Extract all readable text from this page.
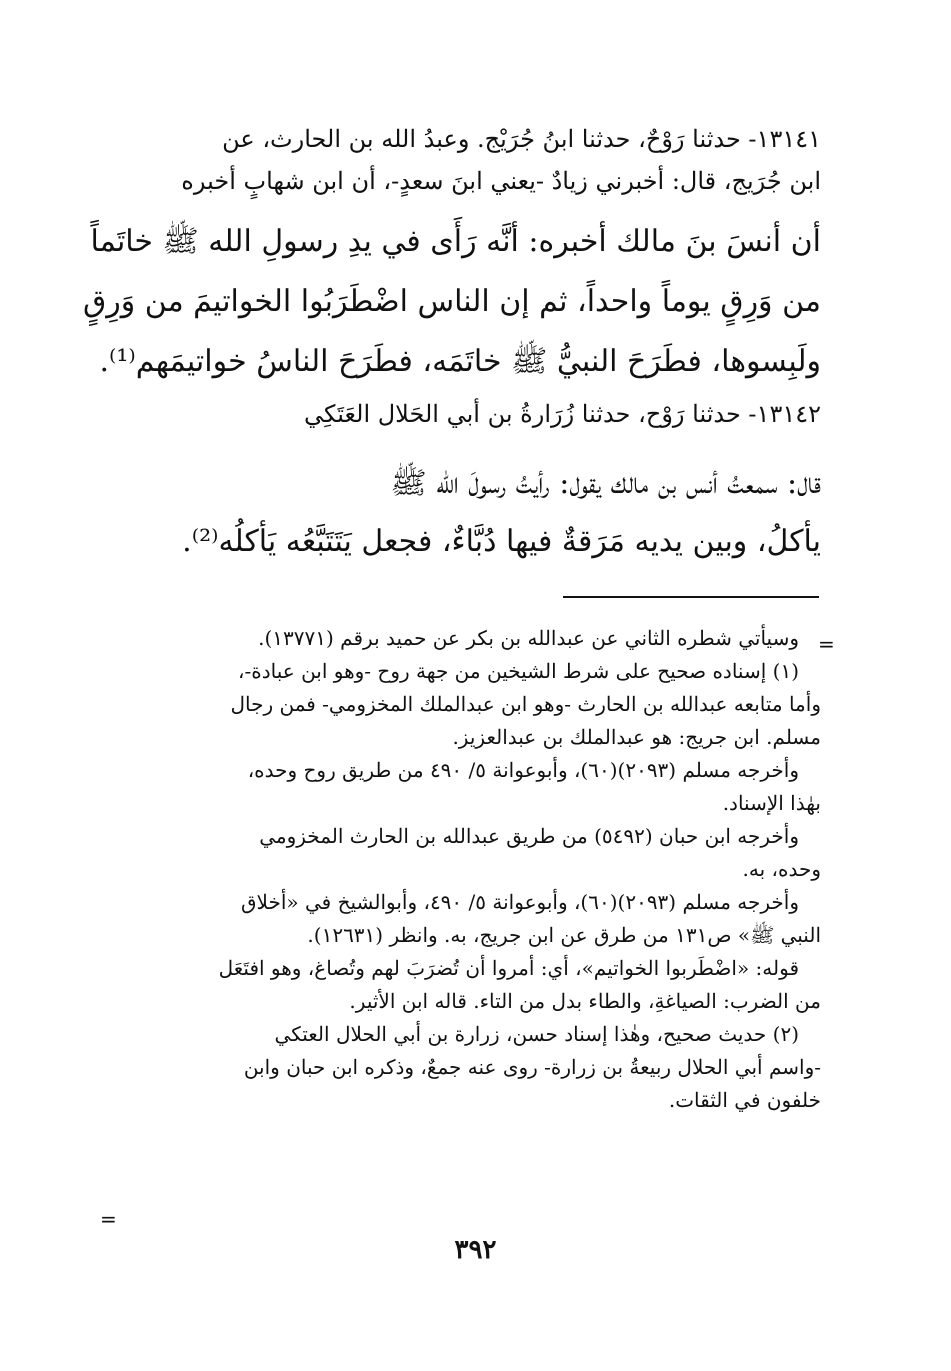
١٣١٤١- حدثنا رَوْحٌ، حدثنا ابنُ جُرَيْج. وعبدُ الله بن الحارث، عن
ابن جُرَيج، قال: أخبرني زيادٌ -يعني ابنَ سعدٍ-، أن ابن شهابٍ أخبره
أن أنسَ بنَ مالك أخبره: أنَّه رَأَى في يدِ رسولِ الله ﷺ خاتَماً
من وَرِقٍ يوماً واحداً، ثم إن الناس اضْطَرَبُوا الخواتيمَ من وَرِقٍ
ولَبِسوها، فطَرَحَ النبيُّ ﷺ خاتَمَه، فطَرَحَ الناسُ خواتيمَهم⁽¹⁾.
١٣١٤٢- حدثنا رَوْح، حدثنا زُرَارةُ بن أبي الحَلال العَتَكِي
قال: سمعتُ أنس بن مالك يقول: رأيتُ رسولَ الله ﷺ
يأكلُ، وبين يديه مَرَقةٌ فيها دُبَّاءٌ، فجعل يَتَتَبَّعُه يَأكلُه⁽²⁾.
=
وسيأتي شطره الثاني عن عبدالله بن بكر عن حميد برقم (١٣٧٧١).
(١) إسناده صحيح على شرط الشيخين من جهة روح -وهو ابن عبادة-،
وأما متابعه عبدالله بن الحارث -وهو ابن عبدالملك المخزومي- فمن رجال
مسلم. ابن جريج: هو عبدالملك بن عبدالعزيز.
وأخرجه مسلم (٢٠٩٣)(٦٠)، وأبوعوانة ٥/ ٤٩٠ من طريق روح وحده،
بهٰذا الإسناد.
وأخرجه ابن حبان (٥٤٩٢) من طريق عبدالله بن الحارث المخزومي
وحده، به.
وأخرجه مسلم (٢٠٩٣)(٦٠)، وأبوعوانة ٥/ ٤٩٠، وأبوالشيخ في «أخلاق
النبي ﷺ» ص١٣١ من طرق عن ابن جريج، به. وانظر (١٢٦٣١).
قوله: «اضْطَربوا الخواتيم»، أي: أمروا أن تُضرَبَ لهم وتُصاغ، وهو افتَعَل
من الضرب: الصياغةِ، والطاء بدل من التاء. قاله ابن الأثير.
(٢) حديث صحيح، وهٰذا إسناد حسن، زرارة بن أبي الحلال العتكي
-واسم أبي الحلال ربيعةُ بن زرارة- روى عنه جمعٌ، وذكره ابن حبان وابن
خلفون في الثقات.
=
٣٩٢
